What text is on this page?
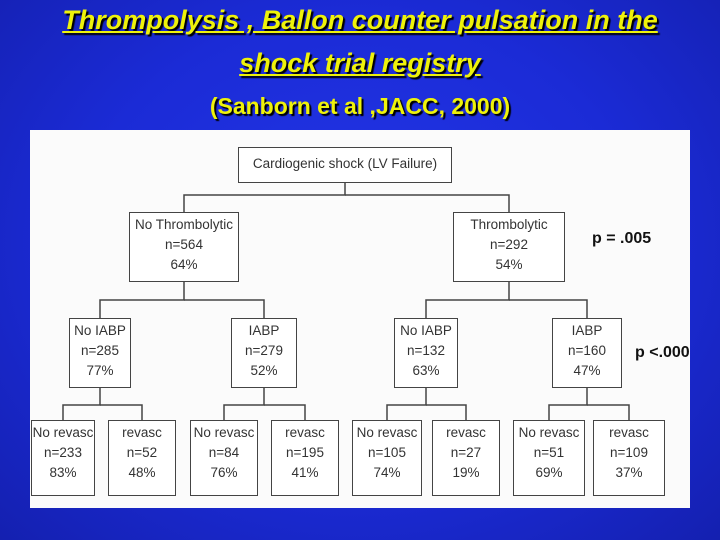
Thrompolysis , Ballon counter pulsation in the
shock trial registry
(Sanborn et al ,JACC, 2000)
Cardiogenic shock (LV Failure)
No Thrombolytic
n=564
64%
Thrombolytic
n=292
54%
No IABP
n=285
77%
IABP
n=279
52%
No IABP
n=132
63%
IABP
n=160
47%
No revasc
n=233
83%
revasc
n=52
48%
No revasc
n=84
76%
revasc
n=195
41%
No revasc
n=105
74%
revasc
n=27
19%
No revasc
n=51
69%
revasc
n=109
37%
p = .005
p <.000
